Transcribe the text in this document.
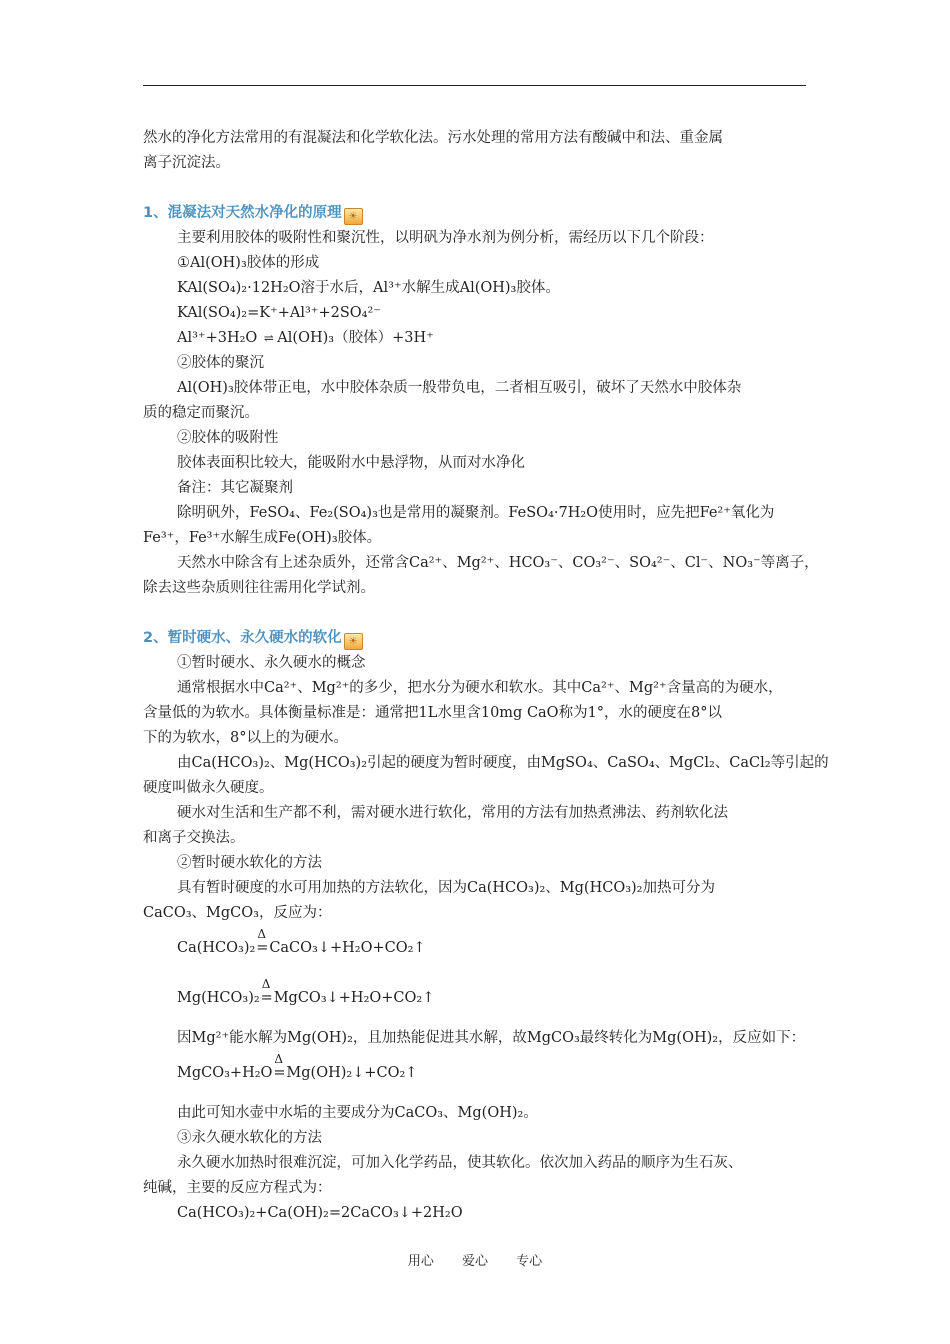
然水的净化方法常用的有混凝法和化学软化法。污水处理的常用方法有酸碱中和法、重金属
离子沉淀法。
1、混凝法对天然水净化的原理 ☀
主要利用胶体的吸附性和聚沉性，以明矾为净水剂为例分析，需经历以下几个阶段：
①Al(OH)₃胶体的形成
KAl(SO₄)₂·12H₂O溶于水后，Al³⁺水解生成Al(OH)₃胶体。
KAl(SO₄)₂=K⁺+Al³⁺+2SO₄²⁻
Al³⁺+3H₂O ⇌ Al(OH)₃（胶体）+3H⁺
②胶体的聚沉
Al(OH)₃胶体带正电，水中胶体杂质一般带负电，二者相互吸引，破坏了天然水中胶体杂
质的稳定而聚沉。
②胶体的吸附性
胶体表面积比较大，能吸附水中悬浮物，从而对水净化
备注：其它凝聚剂
除明矾外，FeSO₄、Fe₂(SO₄)₃也是常用的凝聚剂。FeSO₄·7H₂O使用时，应先把Fe²⁺氧化为
Fe³⁺，Fe³⁺水解生成Fe(OH)₃胶体。
天然水中除含有上述杂质外，还常含Ca²⁺、Mg²⁺、HCO₃⁻、CO₃²⁻、SO₄²⁻、Cl⁻、NO₃⁻等离子，
除去这些杂质则往往需用化学试剂。
2、暂时硬水、永久硬水的软化 ☀
①暂时硬水、永久硬水的概念
通常根据水中Ca²⁺、Mg²⁺的多少，把水分为硬水和软水。其中Ca²⁺、Mg²⁺含量高的为硬水，
含量低的为软水。具体衡量标准是：通常把1L水里含10mg CaO称为1°，水的硬度在8°以
下的为软水，8°以上的为硬水。
由Ca(HCO₃)₂、Mg(HCO₃)₂引起的硬度为暂时硬度，由MgSO₄、CaSO₄、MgCl₂、CaCl₂等引起的
硬度叫做永久硬度。
硬水对生活和生产都不利，需对硬水进行软化，常用的方法有加热煮沸法、药剂软化法
和离子交换法。
②暂时硬水软化的方法
具有暂时硬度的水可用加热的方法软化，因为Ca(HCO₃)₂、Mg(HCO₃)₂加热可分为
CaCO₃、MgCO₃，反应为：
Ca(HCO₃)₂
Δ
=CaCO₃↓+H₂O+CO₂↑
Mg(HCO₃)₂
Δ
=MgCO₃↓+H₂O+CO₂↑
因Mg²⁺能水解为Mg(OH)₂，且加热能促进其水解，故MgCO₃最终转化为Mg(OH)₂，反应如下：
MgCO₃+H₂O
Δ
=Mg(OH)₂↓+CO₂↑
由此可知水壶中水垢的主要成分为CaCO₃、Mg(OH)₂。
③永久硬水软化的方法
永久硬水加热时很难沉淀，可加入化学药品，使其软化。依次加入药品的顺序为生石灰、
纯碱，主要的反应方程式为：
Ca(HCO₃)₂+Ca(OH)₂=2CaCO₃↓+2H₂O
用心 爱心 专心
